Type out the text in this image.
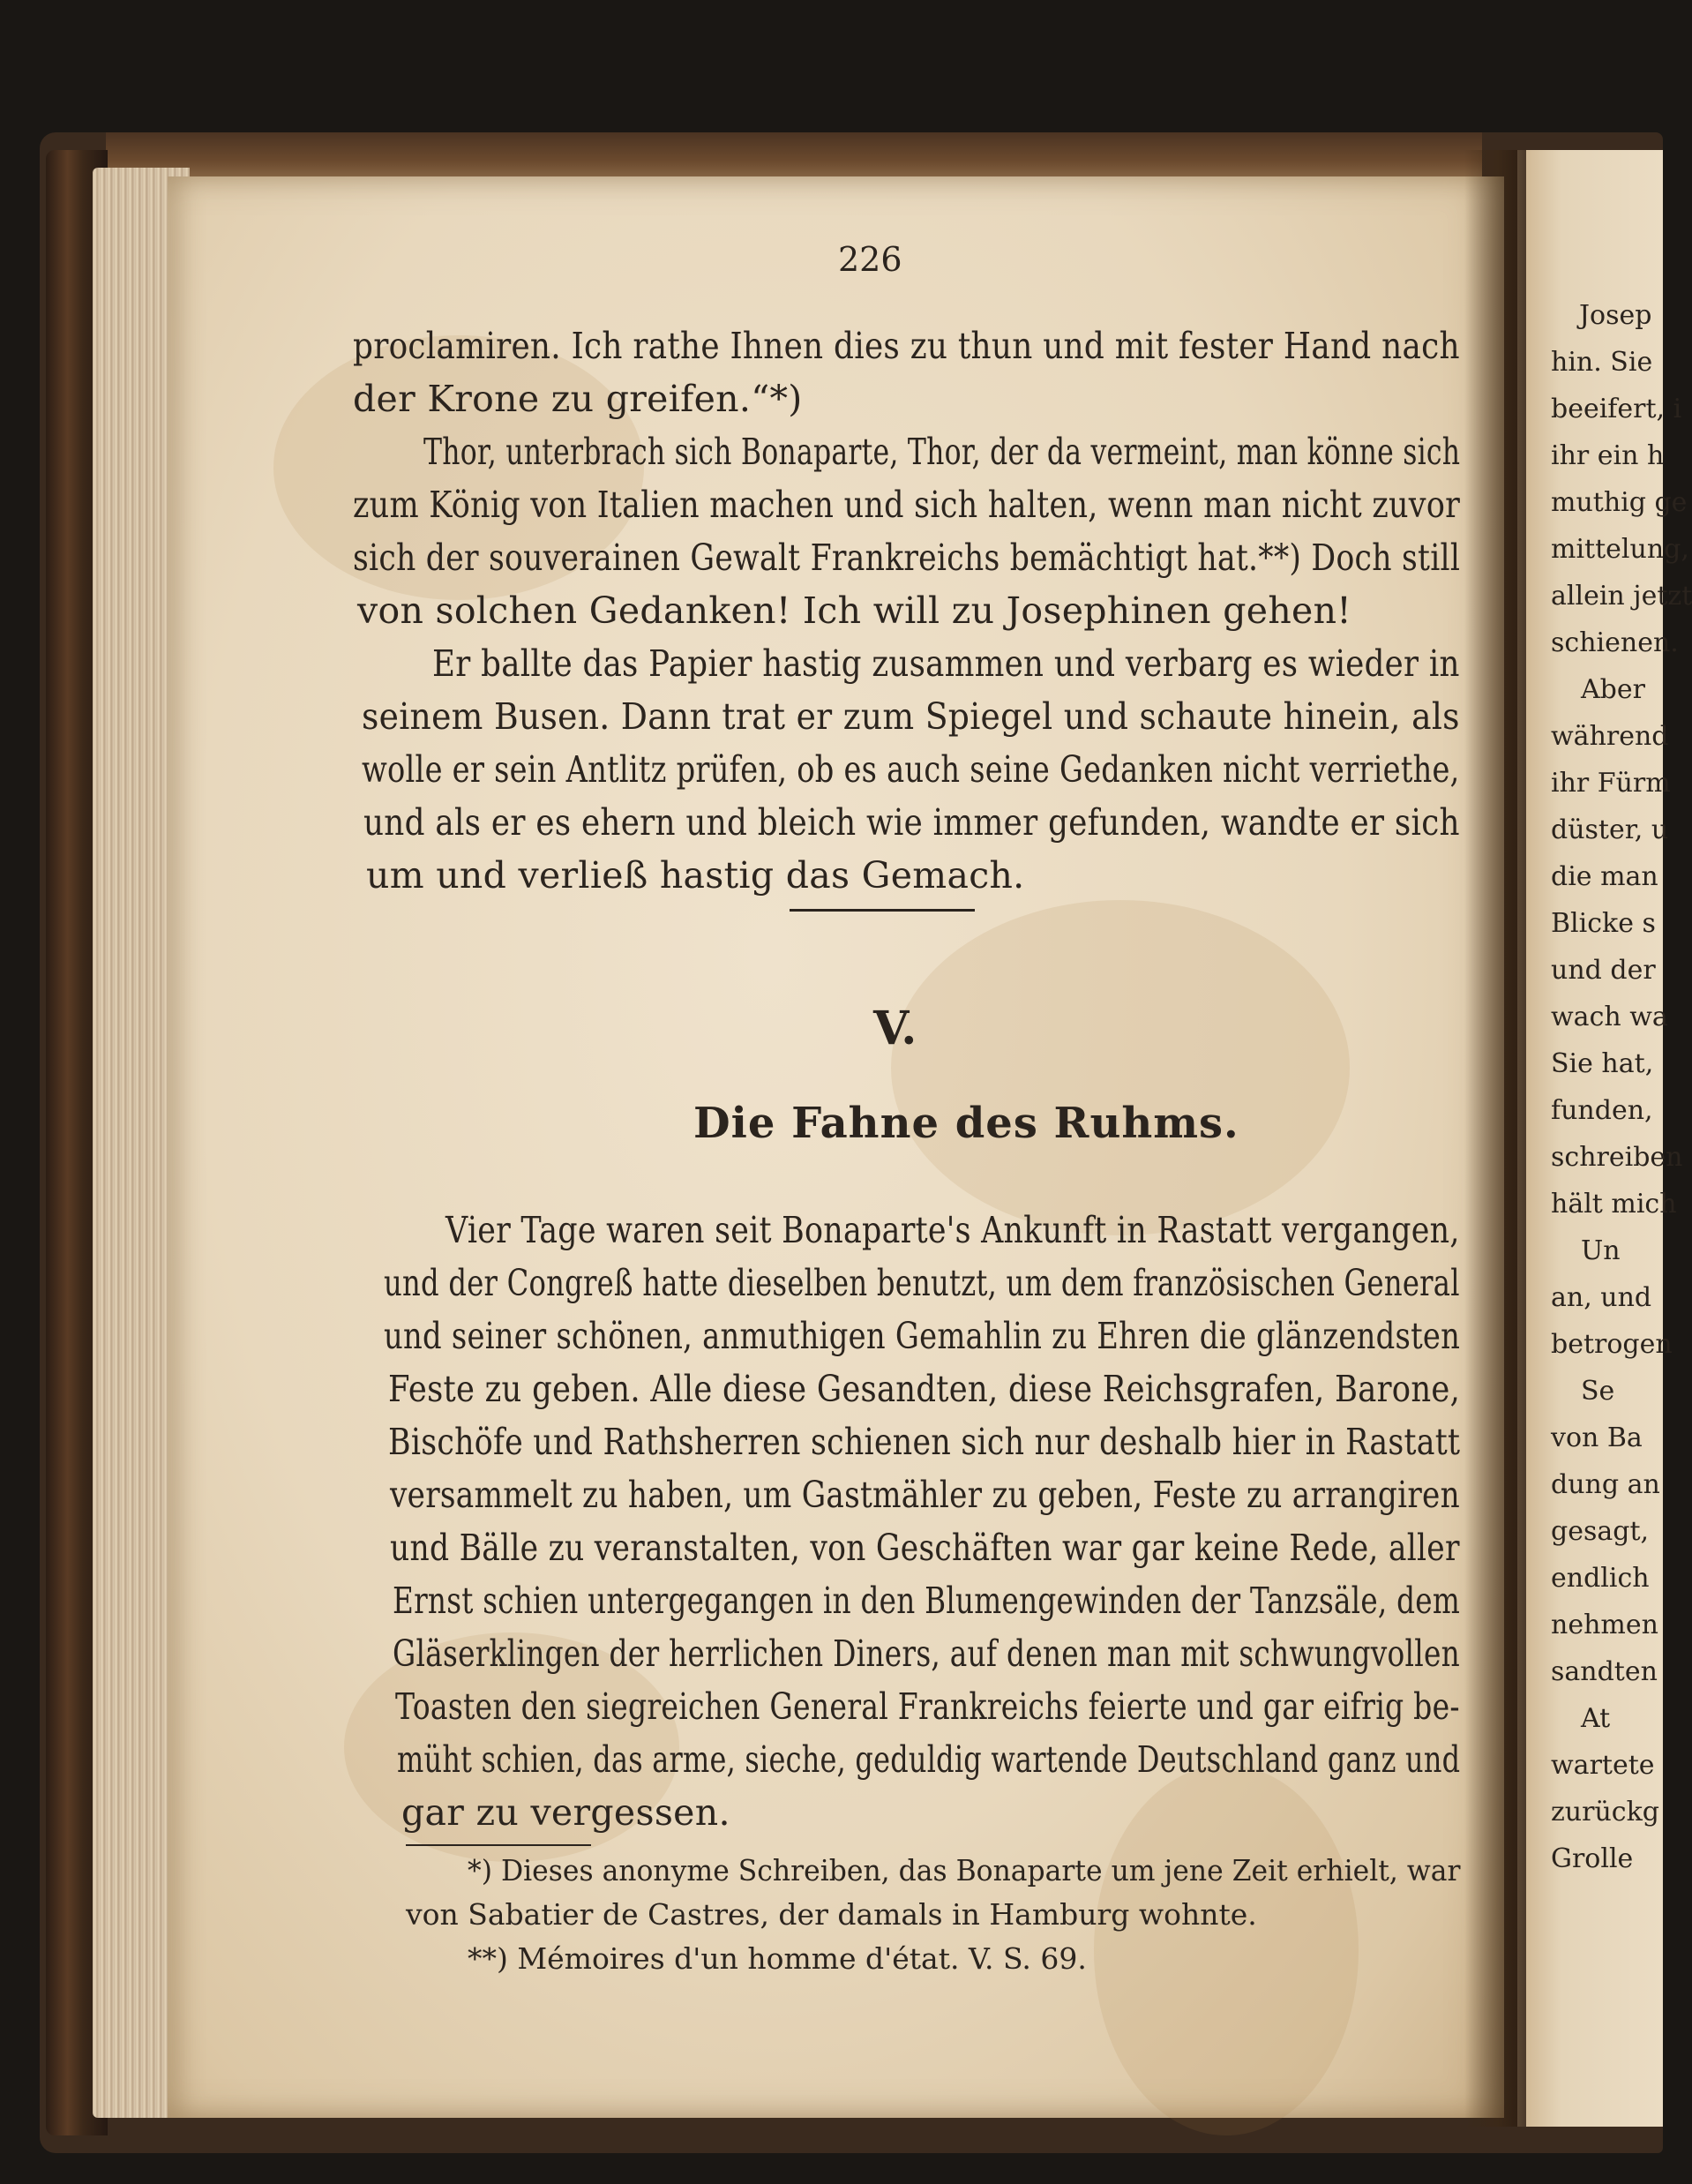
Josep
hin. Sie
beeifert, i
ihr ein h
muthig ge
mittelung,
allein jetzt
schienen.
Aber
während
ihr Fürm
düster, u
die man
Blicke s
und der
wach wa
Sie hat,
funden,
schreiben
hält mich
Un
an, und
betrogen
Se
von Ba
dung an
gesagt,
endlich
nehmen
sandten
At
wartete
zurückg
Grolle
226
proclamiren. Ich rathe Ihnen dies zu thun und mit fester Hand nach
der Krone zu greifen.“*)
Thor, unterbrach sich Bonaparte, Thor, der da vermeint, man könne sich
zum König von Italien machen und sich halten, wenn man nicht zuvor
sich der souverainen Gewalt Frankreichs bemächtigt hat.**) Doch still
von solchen Gedanken! Ich will zu Josephinen gehen!
Er ballte das Papier hastig zusammen und verbarg es wieder in
seinem Busen. Dann trat er zum Spiegel und schaute hinein, als
wolle er sein Antlitz prüfen, ob es auch seine Gedanken nicht verriethe,
und als er es ehern und bleich wie immer gefunden, wandte er sich
um und verließ hastig das Gemach.
V.
Die Fahne des Ruhms.
Vier Tage waren seit Bonaparte's Ankunft in Rastatt vergangen,
und der Congreß hatte dieselben benutzt, um dem französischen General
und seiner schönen, anmuthigen Gemahlin zu Ehren die glänzendsten
Feste zu geben. Alle diese Gesandten, diese Reichsgrafen, Barone,
Bischöfe und Rathsherren schienen sich nur deshalb hier in Rastatt
versammelt zu haben, um Gastmähler zu geben, Feste zu arrangiren
und Bälle zu veranstalten, von Geschäften war gar keine Rede, aller
Ernst schien untergegangen in den Blumengewinden der Tanzsäle, dem
Gläserklingen der herrlichen Diners, auf denen man mit schwungvollen
Toasten den siegreichen General Frankreichs feierte und gar eifrig be-
müht schien, das arme, sieche, geduldig wartende Deutschland ganz und
gar zu vergessen.
*) Dieses anonyme Schreiben, das Bonaparte um jene Zeit erhielt, war
von Sabatier de Castres, der damals in Hamburg wohnte.
**) Mémoires d'un homme d'état. V. S. 69.
